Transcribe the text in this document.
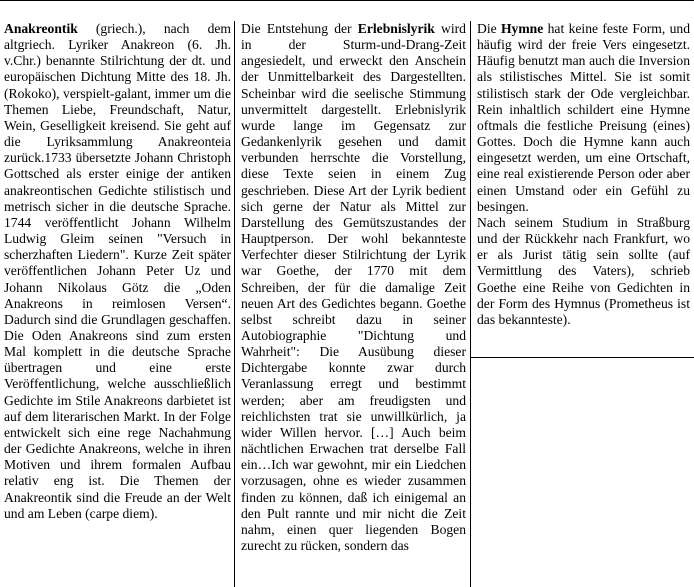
Anakreontik (griech.), nach dem altgriech. Lyriker Anakreon (6. Jh. v.Chr.) benannte Stilrichtung der dt. und europäischen Dichtung Mitte des 18. Jh. (Rokoko), verspielt-galant, immer um die Themen Liebe, Freundschaft, Natur, Wein, Geselligkeit kreisend. Sie geht auf die Lyriksammlung Anakreonteia zurück.1733 übersetzte Johann Christoph Gottsched als erster einige der antiken anakreontischen Gedichte stilistisch und metrisch sicher in die deutsche Sprache. 1744 veröffentlicht Johann Wilhelm Ludwig Gleim seinen "Versuch in scherzhaften Liedern". Kurze Zeit später veröffentlichen Johann Peter Uz und Johann Nikolaus Götz die „Oden Anakreons in reimlosen Versen“. Dadurch sind die Grundlagen geschaffen. Die Oden Anakreons sind zum ersten Mal komplett in die deutsche Sprache übertragen und eine erste Veröffentlichung, welche ausschließlich Gedichte im Stile Anakreons darbietet ist auf dem literarischen Markt. In der Folge entwickelt sich eine rege Nachahmung der Gedichte Anakreons, welche in ihren Motiven und ihrem formalen Aufbau relativ eng ist. Die Themen der Anakreontik sind die Freude an der Welt und am Leben (carpe diem).

Die Entstehung der Erlebnislyrik wird in der Sturm-und-Drang-Zeit angesiedelt, und erweckt den Anschein der Unmittelbarkeit des Dargestellten. Scheinbar wird die seelische Stimmung unvermittelt dargestellt. Erlebnislyrik wurde lange im Gegensatz zur Gedankenlyrik gesehen und damit verbunden herrschte die Vorstellung, diese Texte seien in einem Zug geschrieben. Diese Art der Lyrik bedient sich gerne der Natur als Mittel zur Darstellung des Gemütszustandes der Hauptperson. Der wohl bekannteste Verfechter dieser Stilrichtung der Lyrik war Goethe, der 1770 mit dem Schreiben, der für die damalige Zeit neuen Art des Gedichtes begann. Goethe selbst schreibt dazu in seiner Autobiographie "Dichtung und Wahrheit": Die Ausübung dieser Dichtergabe konnte zwar durch Veranlassung erregt und bestimmt werden; aber am freudigsten und reichlichsten trat sie unwillkürlich, ja wider Willen hervor. […] Auch beim nächtlichen Erwachen trat derselbe Fall ein…Ich war gewohnt, mir ein Liedchen vorzusagen, ohne es wieder zusammen finden zu können, daß ich einigemal an den Pult rannte und mir nicht die Zeit nahm, einen quer liegenden Bogen zurecht zu rücken, sondern das

Die Hymne hat keine feste Form, und häufig wird der freie Vers eingesetzt. Häufig benutzt man auch die Inversion als stilistisches Mittel. Sie ist somit stilistisch stark der Ode vergleichbar. Rein inhaltlich schildert eine Hymne oftmals die festliche Preisung (eines) Gottes. Doch die Hymne kann auch eingesetzt werden, um eine Ortschaft, eine real existierende Person oder aber einen Umstand oder ein Gefühl zu besingen.

Nach seinem Studium in Straßburg und der Rückkehr nach Frankfurt, wo er als Jurist tätig sein sollte (auf Vermittlung des Vaters), schrieb Goethe eine Reihe von Gedichten in der Form des Hymnus (Prometheus ist das bekannteste).
